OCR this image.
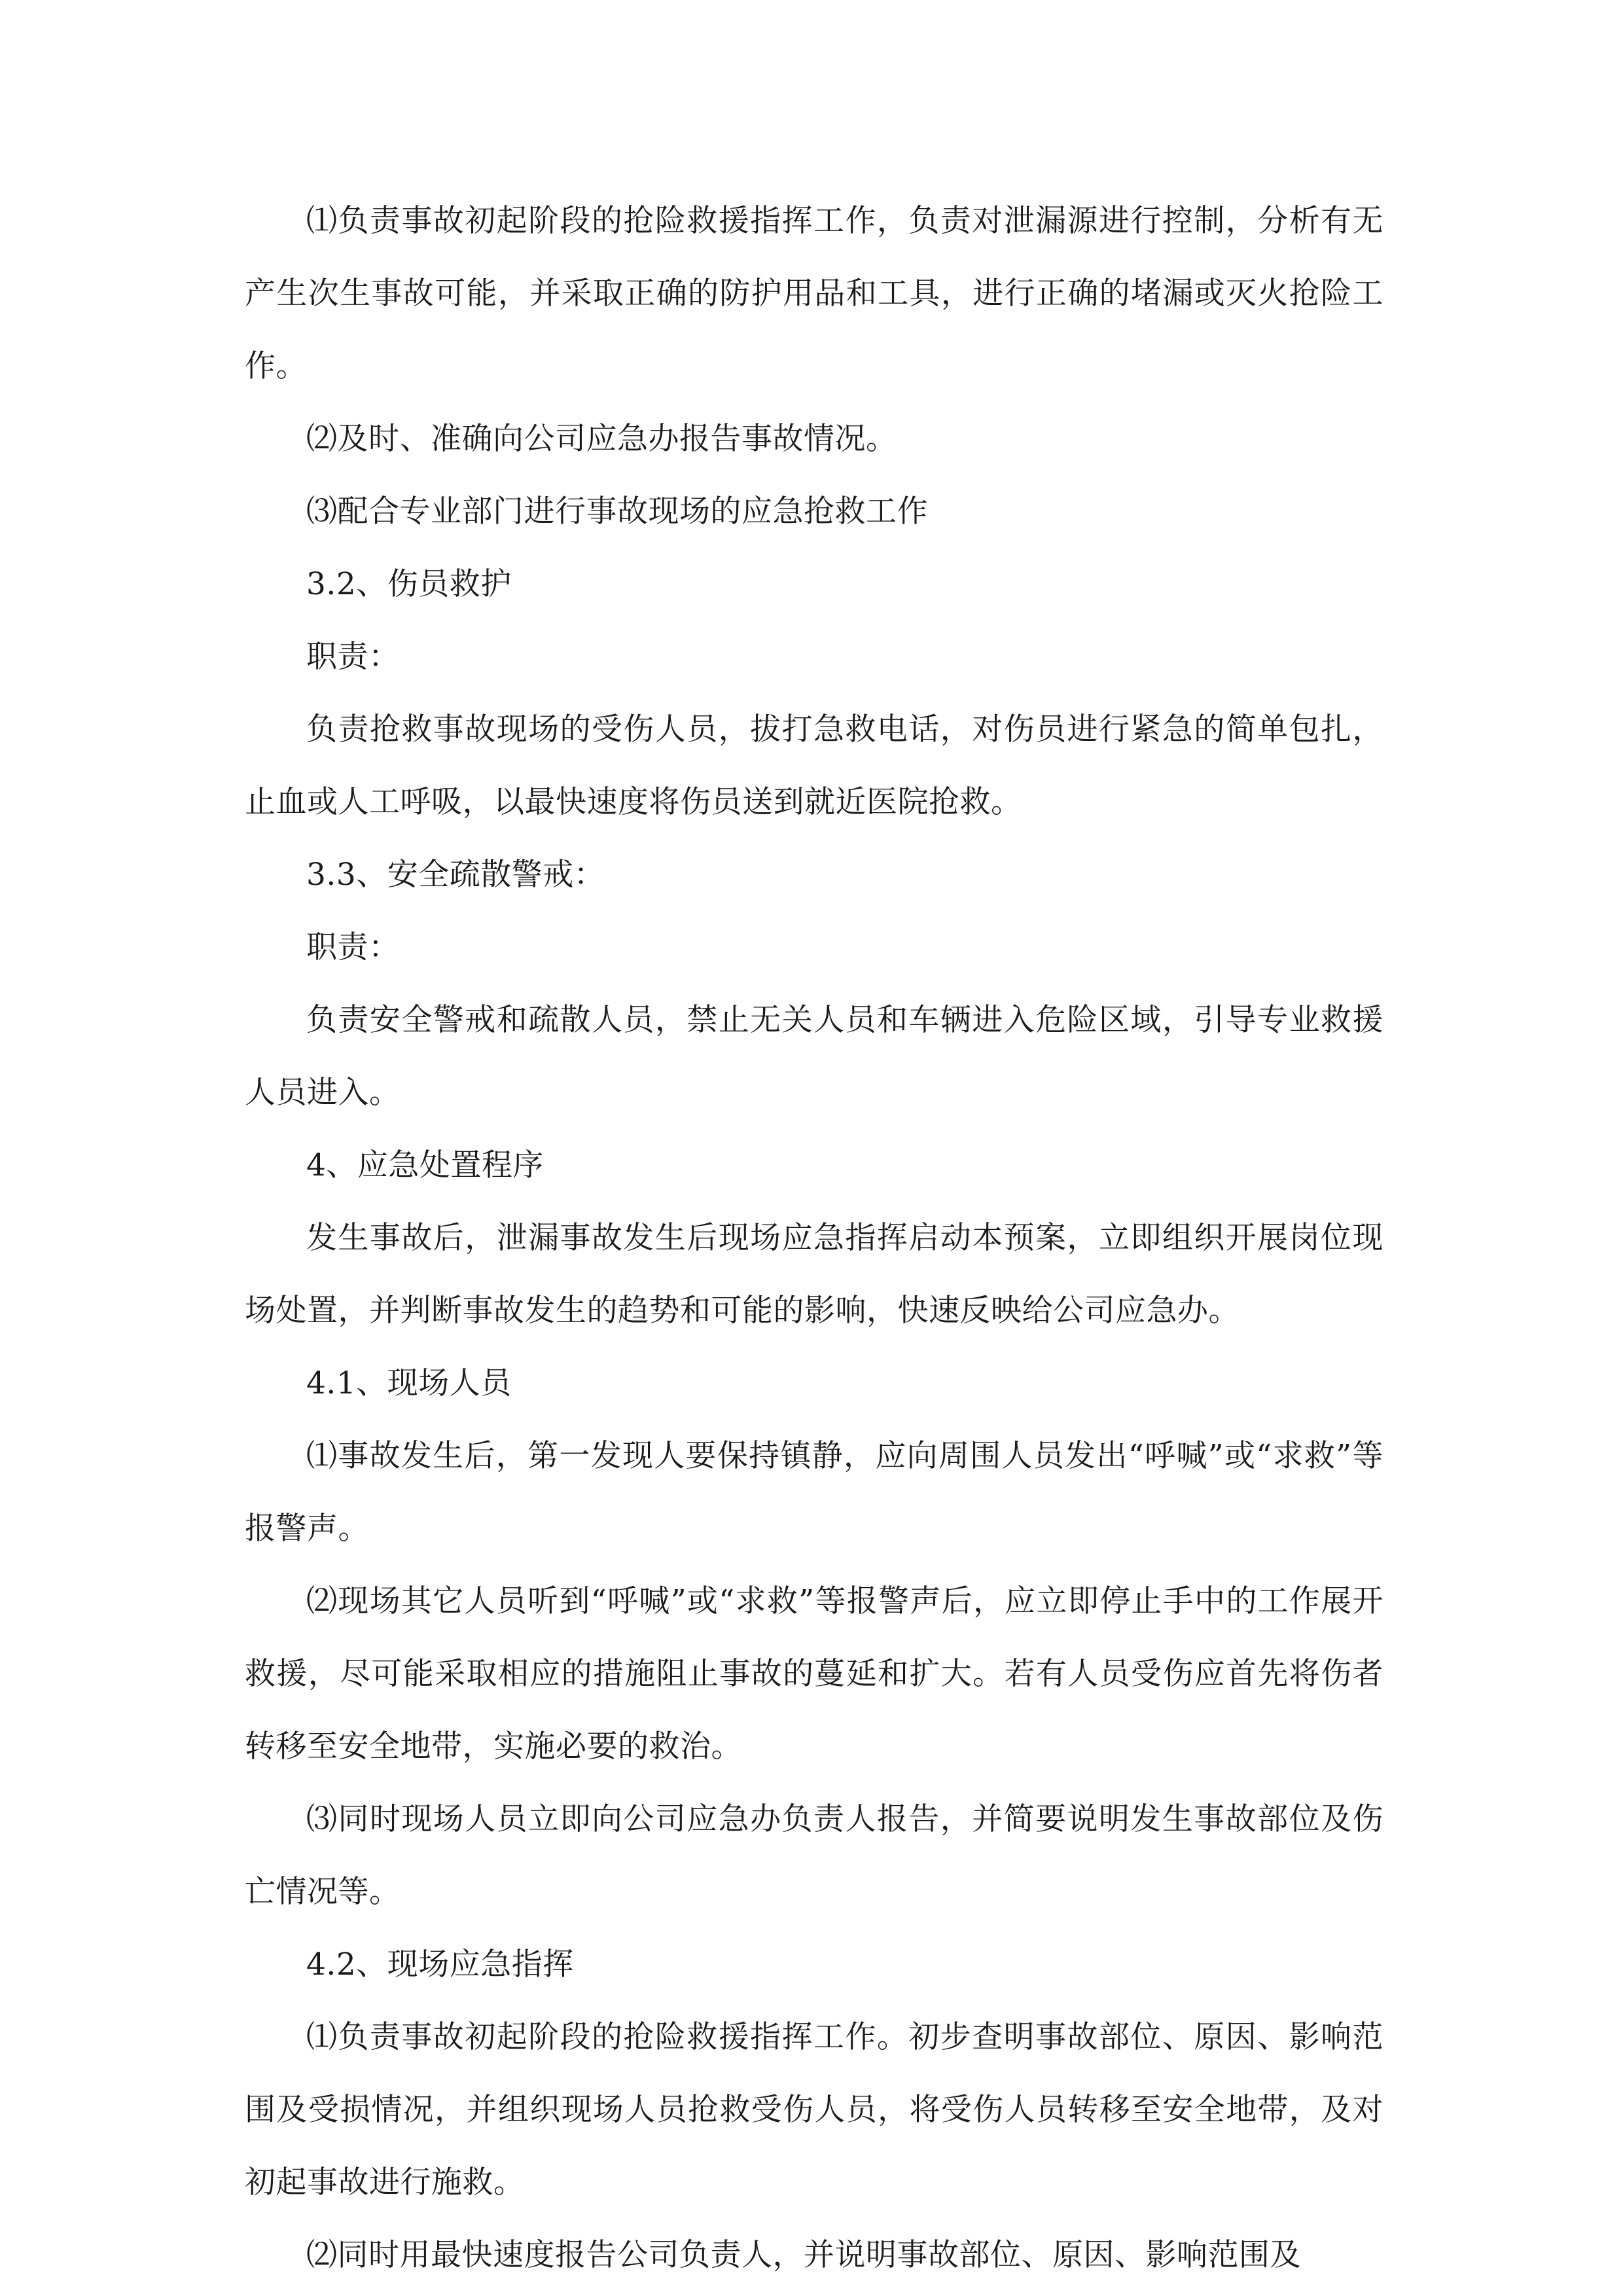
⑴负责事故初起阶段的抢险救援指挥工作，负责对泄漏源进行控制，分析有无产生次生事故可能，并采取正确的防护用品和工具，进行正确的堵漏或灭火抢险工作。

⑵及时、准确向公司应急办报告事故情况。

⑶配合专业部门进行事故现场的应急抢救工作

3.2、伤员救护

职责：

负责抢救事故现场的受伤人员，拔打急救电话，对伤员进行紧急的简单包扎，止血或人工呼吸，以最快速度将伤员送到就近医院抢救。

3.3、安全疏散警戒：

职责：

负责安全警戒和疏散人员，禁止无关人员和车辆进入危险区域，引导专业救援人员进入。

4、应急处置程序

发生事故后，泄漏事故发生后现场应急指挥启动本预案，立即组织开展岗位现场处置，并判断事故发生的趋势和可能的影响，快速反映给公司应急办。

4.1、现场人员

⑴事故发生后，第一发现人要保持镇静，应向周围人员发出“呼喊”或“求救”等报警声。

⑵现场其它人员听到“呼喊”或“求救”等报警声后，应立即停止手中的工作展开救援，尽可能采取相应的措施阻止事故的蔓延和扩大。若有人员受伤应首先将伤者转移至安全地带，实施必要的救治。

⑶同时现场人员立即向公司应急办负责人报告，并简要说明发生事故部位及伤亡情况等。

4.2、现场应急指挥

⑴负责事故初起阶段的抢险救援指挥工作。初步查明事故部位、原因、影响范围及受损情况，并组织现场人员抢救受伤人员，将受伤人员转移至安全地带，及对初起事故进行施救。

⑵同时用最快速度报告公司负责人，并说明事故部位、原因、影响范围及
